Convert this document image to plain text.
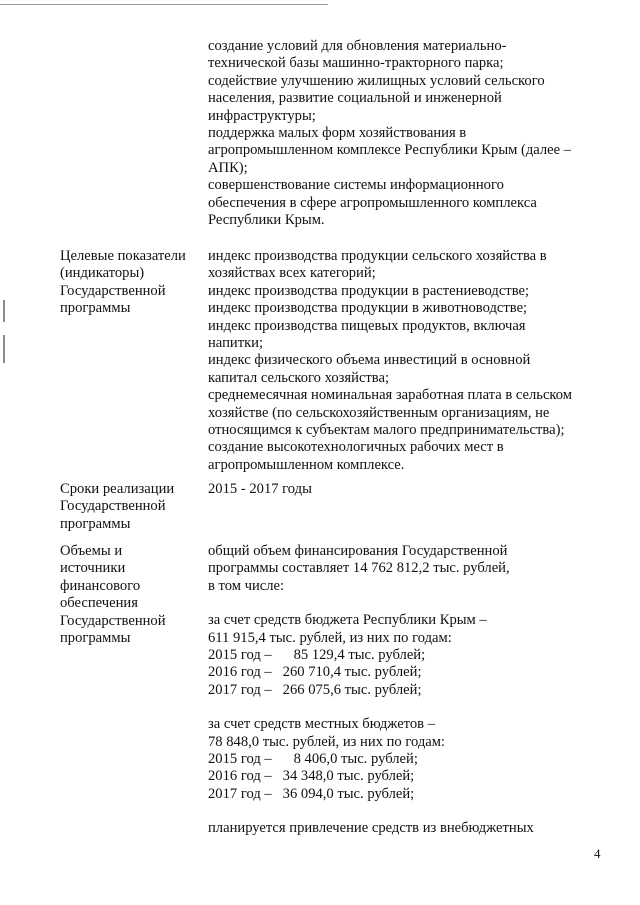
создание условий для обновления материально-
технической базы машинно-тракторного парка;
содействие улучшению жилищных условий сельского
населения, развитие социальной и инженерной
инфраструктуры;
поддержка малых форм хозяйствования в
агропромышленном комплексе Республики Крым (далее –
АПК);
совершенствование системы информационного
обеспечения в сфере агропромышленного комплекса
Республики Крым.
Целевые показатели
(индикаторы)
Государственной
программы
индекс производства продукции сельского хозяйства в
хозяйствах всех категорий;
индекс производства продукции в растениеводстве;
индекс производства продукции в животноводстве;
индекс производства пищевых продуктов, включая
напитки;
индекс физического объема инвестиций в основной
капитал сельского хозяйства;
среднемесячная номинальная заработная плата в сельском
хозяйстве (по сельскохозяйственным организациям, не
относящимся к субъектам малого предпринимательства);
создание высокотехнологичных рабочих мест в
агропромышленном комплексе.
Сроки реализации
Государственной
программы
2015 - 2017 годы
Объемы и
источники
финансового
обеспечения
Государственной
программы
общий объем финансирования Государственной
программы составляет 14 762 812,2 тыс. рублей,
в том числе:
за счет средств бюджета Республики Крым –
611 915,4 тыс. рублей, из них по годам:
2015 год –      85 129,4 тыс. рублей;
2016 год –   260 710,4 тыс. рублей;
2017 год –   266 075,6 тыс. рублей;
за счет средств местных бюджетов –
78 848,0 тыс. рублей, из них по годам:
2015 год –      8 406,0 тыс. рублей;
2016 год –   34 348,0 тыс. рублей;
2017 год –   36 094,0 тыс. рублей;
планируется привлечение средств из внебюджетных
4
